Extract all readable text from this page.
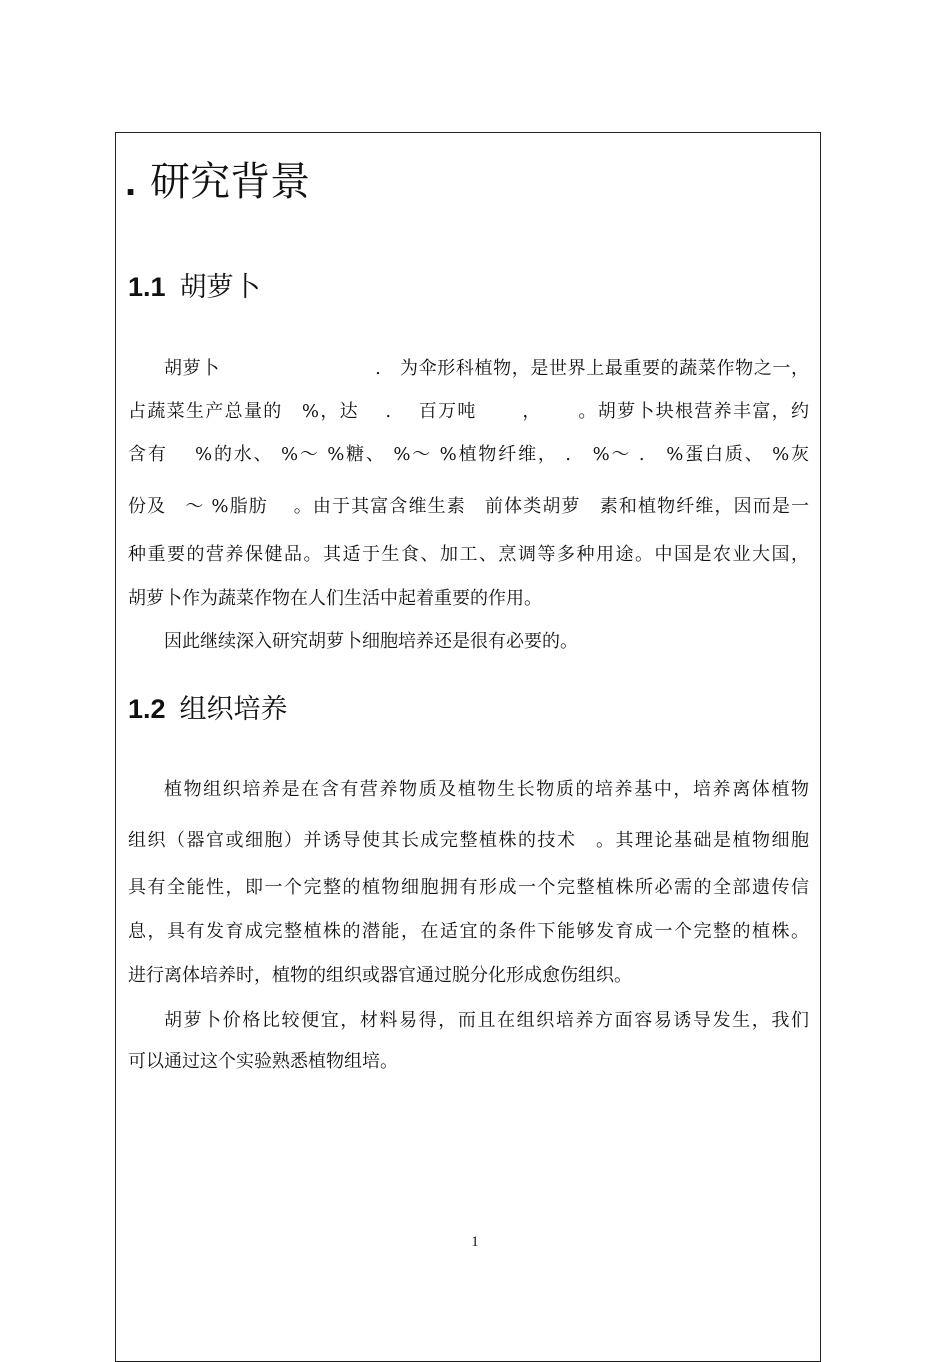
. 研究背景
1.1 胡萝卜
胡萝卜　　　　　　　　 .　为伞形科植物，是世界上最重要的蔬菜作物之一，
占蔬菜生产总量的　%，达　 .　 百万吨　　 ，　　 。胡萝卜块根营养丰富，约
含有　 %的水、 %～ %糖、 %～ %植物纤维， .　%～ .　%蛋白质、 %灰
份及　～ %脂肪　 。由于其富含维生素　前体类胡萝　素和植物纤维，因而是一
种重要的营养保健品。其适于生食、加工、烹调等多种用途。中国是农业大国，
胡萝卜作为蔬菜作物在人们生活中起着重要的作用。
因此继续深入研究胡萝卜细胞培养还是很有必要的。
1.2 组织培养
植物组织培养是在含有营养物质及植物生长物质的培养基中，培养离体植物
组织（器官或细胞）并诱导使其长成完整植株的技术　。其理论基础是植物细胞
具有全能性，即一个完整的植物细胞拥有形成一个完整植株所必需的全部遗传信
息，具有发育成完整植株的潜能，在适宜的条件下能够发育成一个完整的植株。
进行离体培养时，植物的组织或器官通过脱分化形成愈伤组织。
胡萝卜价格比较便宜，材料易得，而且在组织培养方面容易诱导发生，我们
可以通过这个实验熟悉植物组培。
1
